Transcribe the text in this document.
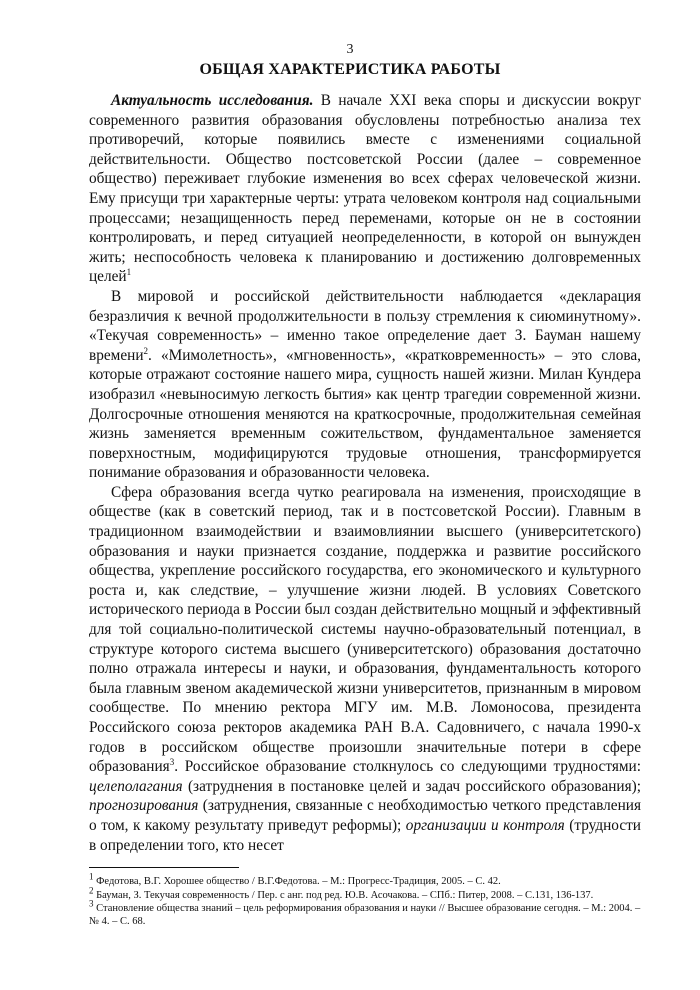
3
ОБЩАЯ ХАРАКТЕРИСТИКА РАБОТЫ

Актуальность исследования. В начале XXI века споры и дискуссии вокруг современного развития образования обусловлены потребностью анализа тех противоречий, которые появились вместе с изменениями социальной действительности. Общество постсоветской России (далее – современное общество) переживает глубокие изменения во всех сферах человеческой жизни. Ему присущи три характерные черты: утрата человеком контроля над социальными процессами; незащищенность перед переменами, которые он не в состоянии контролировать, и перед ситуацией неопределенности, в которой он вынужден жить; неспособность человека к планированию и достижению долговременных целей$^1$

В мировой и российской действительности наблюдается «декларация безразличия к вечной продолжительности в пользу стремления к сиюминутному». «Текучая современность» – именно такое определение дает З. Бауман нашему времени$^2$. «Мимолетность», «мгновенность», «кратковременность» – это слова, которые отражают состояние нашего мира, сущность нашей жизни. Милан Кундера изобразил «невыносимую легкость бытия» как центр трагедии современной жизни. Долгосрочные отношения меняются на краткосрочные, продолжительная семейная жизнь заменяется временным сожительством, фундаментальное заменяется поверхностным, модифицируются трудовые отношения, трансформируется понимание образования и образованности человека.

Сфера образования всегда чутко реагировала на изменения, происходящие в обществе (как в советский период, так и в постсоветской России). Главным в традиционном взаимодействии и взаимовлиянии высшего (университетского) образования и науки признается создание, поддержка и развитие российского общества, укрепление российского государства, его экономического и культурного роста и, как следствие, – улучшение жизни людей. В условиях Советского исторического периода в России был создан действительно мощный и эффективный для той социально-политической системы научно-образовательный потенциал, в структуре которого система высшего (университетского) образования достаточно полно отражала интересы и науки, и образования, фундаментальность которого была главным звеном академической жизни университетов, признанным в мировом сообществе. По мнению ректора МГУ им. М.В. Ломоносова, президента Российского союза ректоров академика РАН В.А. Садовничего, с начала 1990-х годов в российском обществе произошли значительные потери в сфере образования$^3$. Российское образование столкнулось со следующими трудностями: целеполагания (затруднения в постановке целей и задач российского образования); прогнозирования (затруднения, связанные с необходимостью четкого представления о том, к какому результату приведут реформы); организации и контроля (трудности в определении того, кто несет

$^1$ Федотова, В.Г. Хорошее общество / В.Г.Федотова. – М.: Прогресс-Традиция, 2005. – С. 42.

$^2$ Бауман, З. Текучая современность / Пер. с анг. под ред. Ю.В. Асочакова. – СПб.: Питер, 2008. – С.131, 136-137.

$^3$ Становление общества знаний – цель реформирования образования и науки // Высшее образование сегодня. – М.: 2004. – № 4. – С. 68.
